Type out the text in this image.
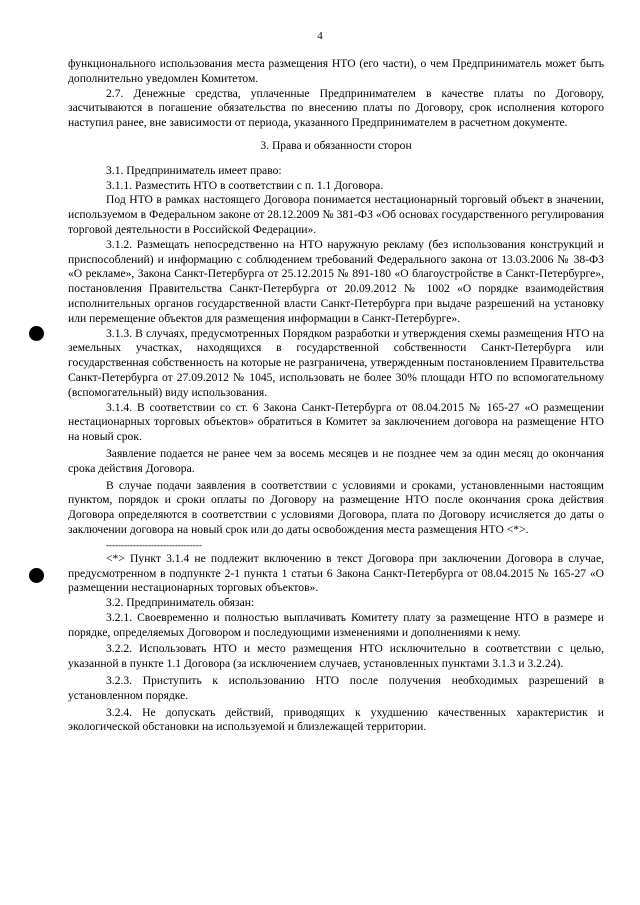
4

функционального использования места размещения НТО (его части), о чем Предприниматель может быть дополнительно уведомлен Комитетом.

2.7. Денежные средства, уплаченные Предпринимателем в качестве платы по Договору, засчитываются в погашение обязательства по внесению платы по Договору, срок исполнения которого наступил ранее, вне зависимости от периода, указанного Предпринимателем в расчетном документе.

3. Права и обязанности сторон

3.1. Предприниматель имеет право:

3.1.1. Разместить НТО в соответствии с п. 1.1 Договора.

Под НТО в рамках настоящего Договора понимается нестационарный торговый объект в значении, используемом в Федеральном законе от 28.12.2009 № 381-ФЗ «Об основах государственного регулирования торговой деятельности в Российской Федерации».

3.1.2. Размещать непосредственно на НТО наружную рекламу (без использования конструкций и приспособлений) и информацию с соблюдением требований Федерального закона от 13.03.2006 № 38-ФЗ «О рекламе», Закона Санкт-Петербурга от 25.12.2015 № 891-180 «О благоустройстве в Санкт-Петербурге», постановления Правительства Санкт-Петербурга от 20.09.2012 № 1002 «О порядке взаимодействия исполнительных органов государственной власти Санкт-Петербурга при выдаче разрешений на установку или перемещение объектов для размещения информации в Санкт-Петербурге».

3.1.3. В случаях, предусмотренных Порядком разработки и утверждения схемы размещения НТО на земельных участках, находящихся в государственной собственности Санкт-Петербурга или государственная собственность на которые не разграничена, утвержденным постановлением Правительства Санкт-Петербурга от 27.09.2012 № 1045, использовать не более 30% площади НТО по вспомогательному (вспомогательный) виду использования.

3.1.4. В соответствии со ст. 6 Закона Санкт-Петербурга от 08.04.2015 № 165-27 «О размещении нестационарных торговых объектов» обратиться в Комитет за заключением договора на размещение НТО на новый срок.

Заявление подается не ранее чем за восемь месяцев и не позднее чем за один месяц до окончания срока действия Договора.

В случае подачи заявления в соответствии с условиями и сроками, установленными настоящим пунктом, порядок и сроки оплаты по Договору на размещение НТО после окончания срока действия Договора определяются в соответствии с условиями Договора, плата по Договору исчисляется до даты о заключении договора на новый срок или до даты освобождения места размещения НТО <*>.

--------------------------------

<*> Пункт 3.1.4 не подлежит включению в текст Договора при заключении Договора в случае, предусмотренном в подпункте 2-1 пункта 1 статьи 6 Закона Санкт-Петербурга от 08.04.2015 № 165-27 «О размещении нестационарных торговых объектов».

3.2. Предприниматель обязан:

3.2.1. Своевременно и полностью выплачивать Комитету плату за размещение НТО в размере и порядке, определяемых Договором и последующими изменениями и дополнениями к нему.

3.2.2. Использовать НТО и место размещения НТО исключительно в соответствии с целью, указанной в пункте 1.1 Договора (за исключением случаев, установленных пунктами 3.1.3 и 3.2.24).

3.2.3. Приступить к использованию НТО после получения необходимых разрешений в установленном порядке.

3.2.4. Не допускать действий, приводящих к ухудшению качественных характеристик и экологической обстановки на используемой и близлежащей территории.
